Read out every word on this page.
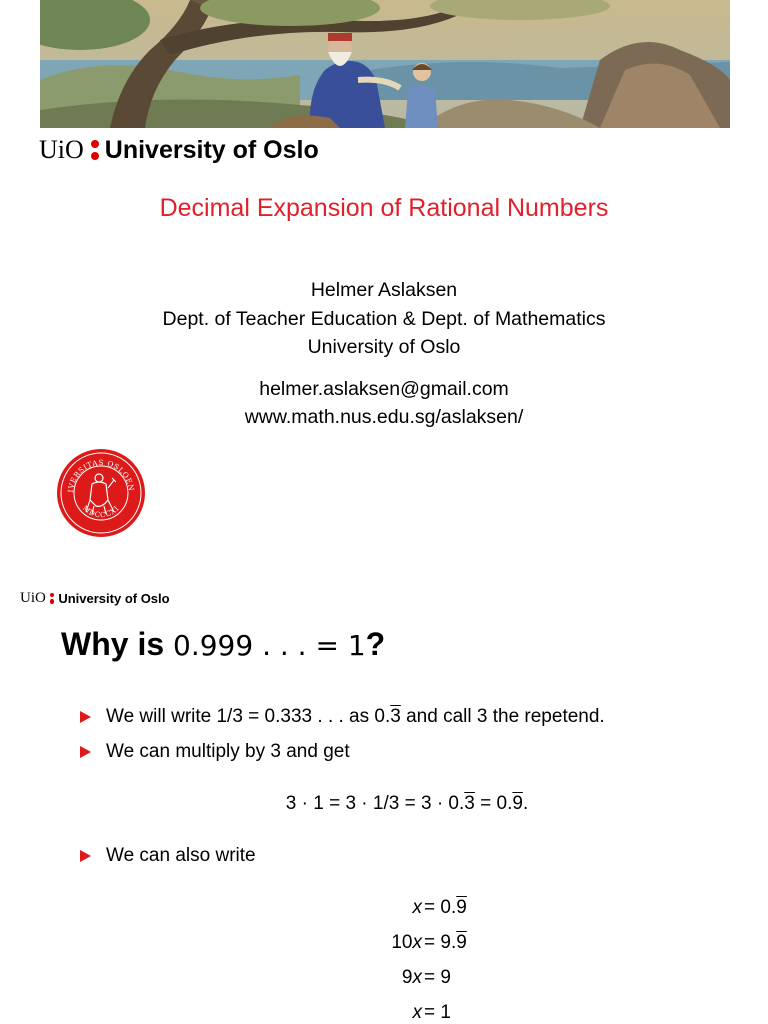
UiO University of Oslo
Decimal Expansion of Rational Numbers
Helmer Aslaksen
Dept. of Teacher Education & Dept. of Mathematics
University of Oslo
helmer.aslaksen@gmail.com
www.math.nus.edu.sg/aslaksen/
IVERSITAS OSLOEN
MDCCCXI
UiO University of Oslo
Why is 0.999 . . . = 1?
We will write 1/3 = 0.333 . . . as 0.3 and call 3 the repetend.
We can multiply by 3 and get
3 · 1 = 3 · 1/3 = 3 · 0.3 = 0.9.
We can also write
x = 0.9
10x = 9.9
9x = 9
x = 1
